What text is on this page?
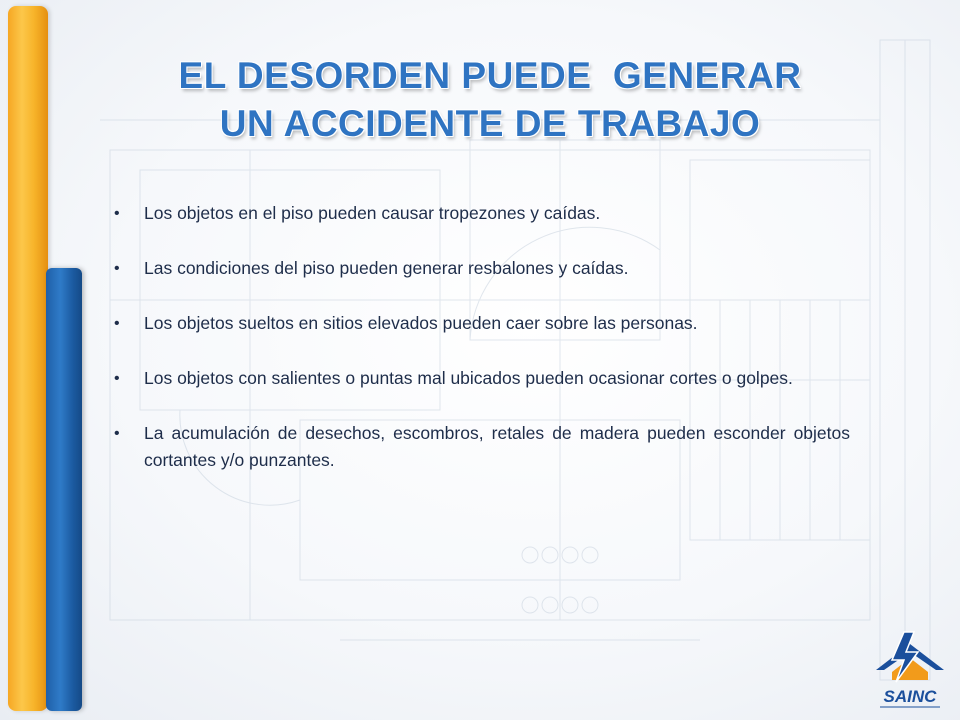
EL DESORDEN PUEDE  GENERAR
UN ACCIDENTE DE TRABAJO
• Los objetos en el piso pueden causar tropezones y caídas.
• Las condiciones del piso pueden generar resbalones y caídas.
• Los objetos sueltos en sitios elevados pueden caer sobre las personas.
• Los objetos con salientes o puntas mal ubicados pueden ocasionar cortes o golpes.
• La acumulación de desechos, escombros, retales de madera pueden esconder objetos cortantes y/o punzantes.
SAINC
